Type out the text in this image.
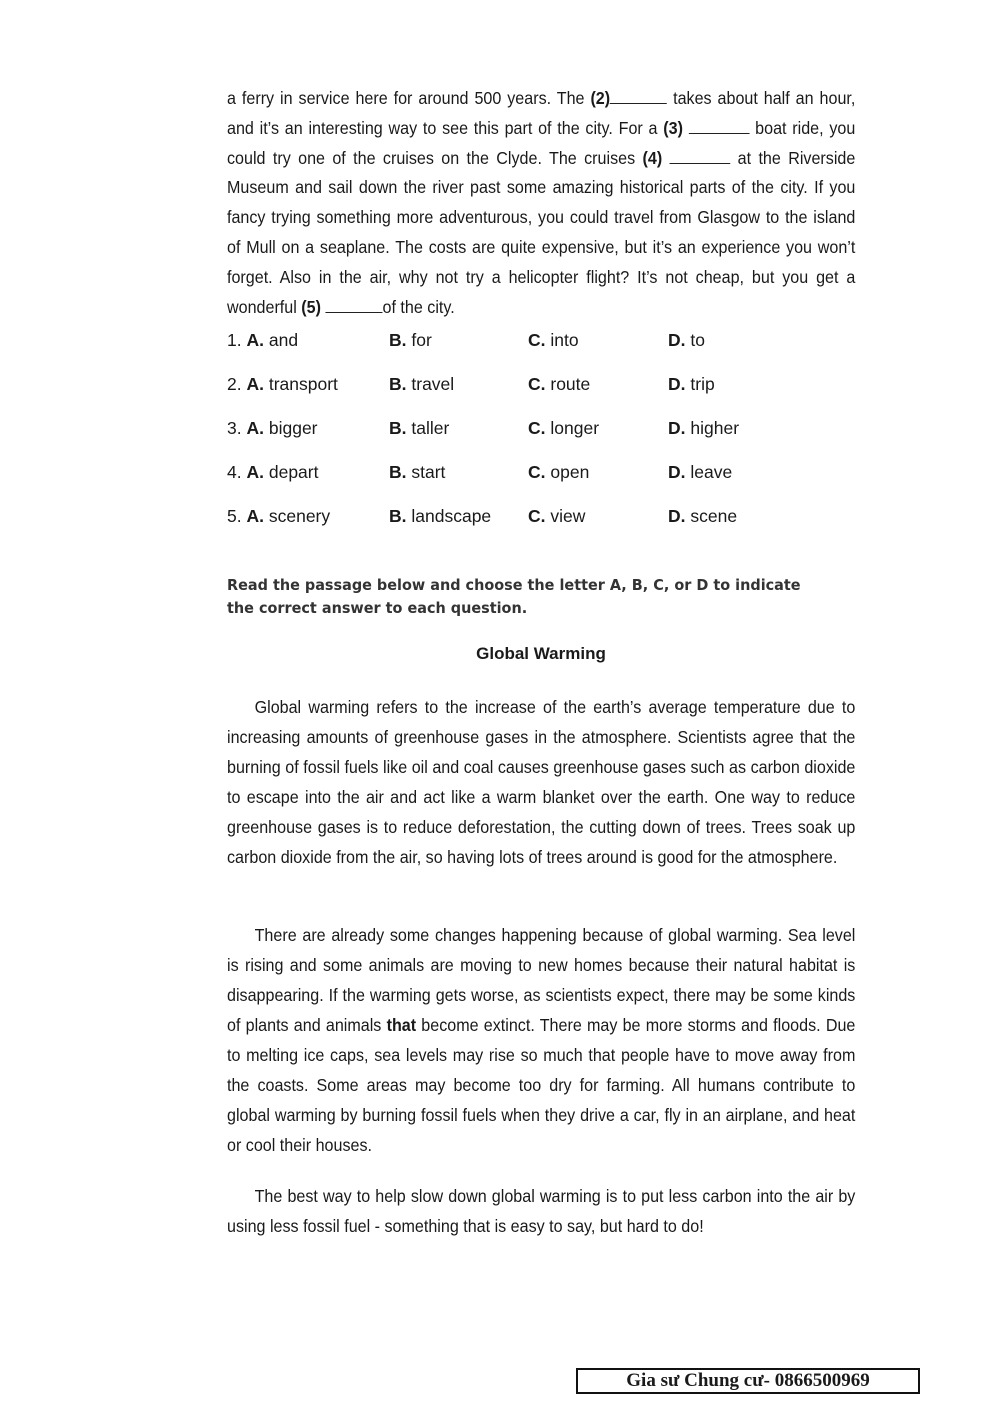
a ferry in service here for around 500 years. The (2)	takes about half an hour, and it’s an interesting way to see this part of the city. For a (3)	boat ride, you could try one of the cruises on the Clyde. The cruises (4)	at the Riverside Museum and sail down the river past some amazing historical parts of the city. If you fancy trying something more adventurous, you could travel from Glasgow to the island of Mull on a seaplane. The costs are quite expensive, but it’s an experience you won’t forget. Also in the air, why not try a helicopter flight? It’s not cheap, but you get a wonderful (5)	of the city.
1. A. and	B. for	C. into	D. to
2. A. transport	B. travel	C. route	D. trip
3. A. bigger	B. taller	C. longer	D. higher
4. A. depart	B. start	C. open	D. leave
5. A. scenery	B. landscape C. view	D. scene
Read the passage below and choose the letter A, B, C, or D to indicate the correct answer to each question.
Global Warming
Global warming refers to the increase of the earth’s average temperature due to increasing amounts of greenhouse gases in the atmosphere. Scientists agree that the burning of fossil fuels like oil and coal causes greenhouse gases such as carbon dioxide to escape into the air and act like a warm blanket over the earth. One way to reduce greenhouse gases is to reduce deforestation, the cutting down of trees. Trees soak up carbon dioxide from the air, so having lots of trees around is good for the atmosphere.
There are already some changes happening because of global warming. Sea level is rising and some animals are moving to new homes because their natural habitat is disappearing. If the warming gets worse, as scientists expect, there may be some kinds of plants and animals that become extinct. There may be more storms and floods. Due to melting ice caps, sea levels may rise so much that people have to move away from the coasts. Some areas may become too dry for farming. All humans contribute to global warming by burning fossil fuels when they drive a car, fly in an airplane, and heat or cool their houses.
The best way to help slow down global warming is to put less carbon into the air by using less fossil fuel - something that is easy to say, but hard to do!
Gia sư Chung cư- 0866500969
